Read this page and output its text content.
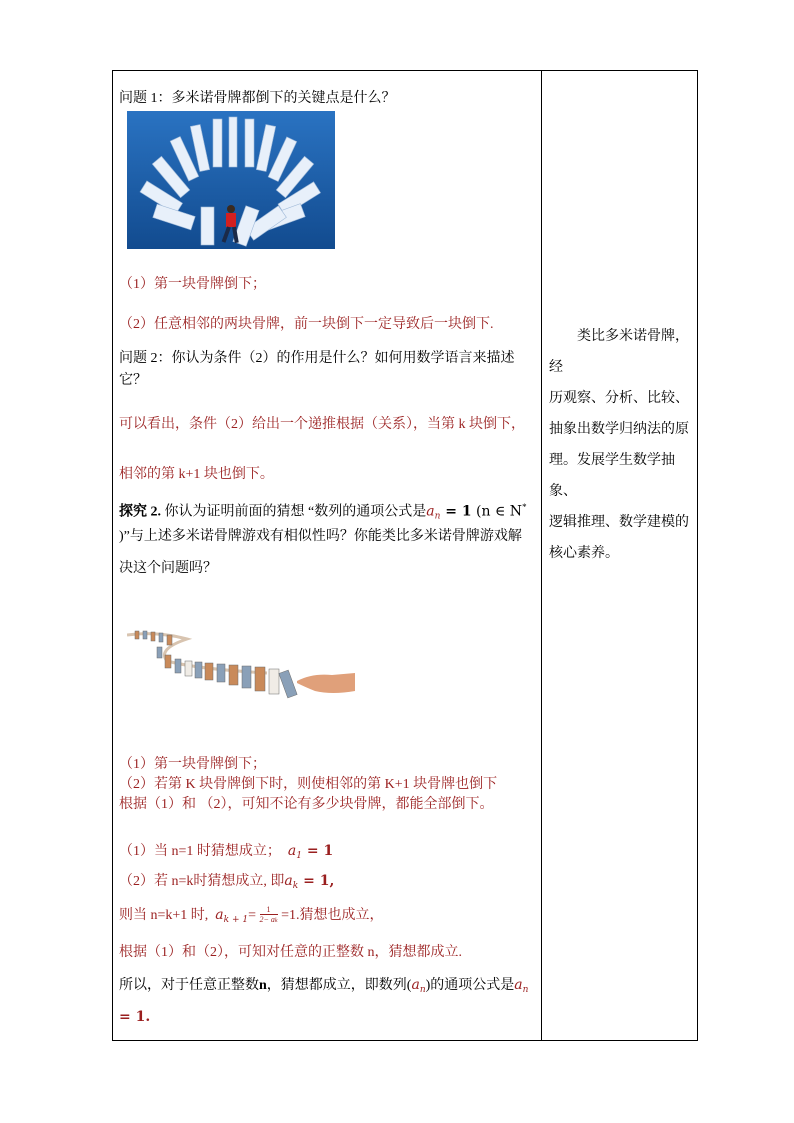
问题 1：多米诺骨牌都倒下的关键点是什么？
（1）第一块骨牌倒下；
（2）任意相邻的两块骨牌，前一块倒下一定导致后一块倒下.
问题 2：你认为条件（2）的作用是什么？如何用数学语言来描述
它？
可以看出，条件（2）给出一个递推根据（关系），当第 k 块倒下，
相邻的第 k+1 块也倒下。
探究 2. 你认为证明前面的猜想 “数列的通项公式是$a_n = 1$ (n ∈ N*
)”与上述多米诺骨牌游戏有相似性吗？你能类比多米诺骨牌游戏解
决这个问题吗？
（1）第一块骨牌倒下；
（2）若第 K 块骨牌倒下时，则使相邻的第 K+1 块骨牌也倒下
根据（1）和 （2），可知不论有多少块骨牌，都能全部倒下。
（1）当 n=1 时猜想成立； $a_1 = 1$
（2）若 n=k时猜想成立, 即$a_k = 1$,
则当 n=k+1 时, $a_{k + 1}= \frac{1}{2- ak} =1$.猜想也成立，
根据（1）和（2），可知对任意的正整数 n，猜想都成立.
所以，对于任意正整数n，猜想都成立，即数列$(a_n)$的通项公式是$a_n$
= 1.
　　类比多米诺骨牌，经
历观察、分析、比较、
抽象出数学归纳法的原
理。发展学生数学抽象、
逻辑推理、数学建模的
核心素养。
